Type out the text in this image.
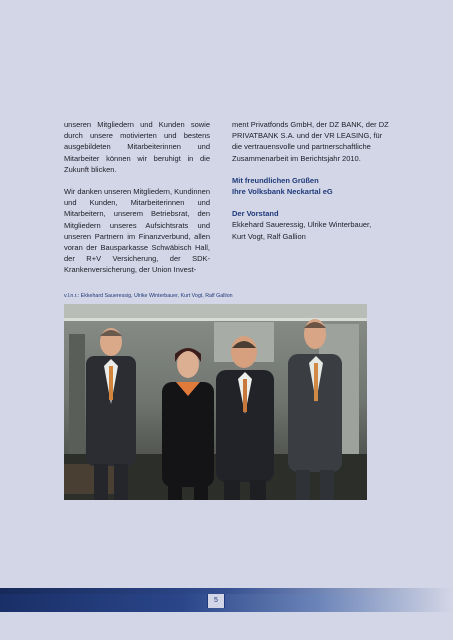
unseren Mitgliedern und Kunden sowie durch unsere motivierten und bestens ausgebildeten Mitarbeiterinnen und Mitarbeiter können wir beruhigt in die Zukunft blicken.

Wir danken unseren Mitgliedern, Kundinnen und Kunden, Mitarbeiterinnen und Mitarbeitern, unserem Betriebsrat, den Mitgliedern unseres Aufsichtsrats und unseren Partnern im Finanzverbund, allen voran der Bausparkasse Schwäbisch Hall, der R+V Versicherung, der SDK-Krankenversicherung, der Union Invest-

ment Privatfonds GmbH, der DZ BANK, der DZ PRIVATBANK S.A. und der VR LEASING, für die vertrauensvolle und partnerschaftliche Zusammenarbeit im Berichtsjahr 2010.

Mit freundlichen Grüßen

Ihre Volksbank Neckartal eG

Der Vorstand

Ekkehard Saueressig, Ulrike Winterbauer,

Kurt Vogt, Ralf Gallion

v.l.n.r.: Ekkehard Saueressig, Ulrike Winterbauer, Kurt Vogt, Ralf Gallion
5
